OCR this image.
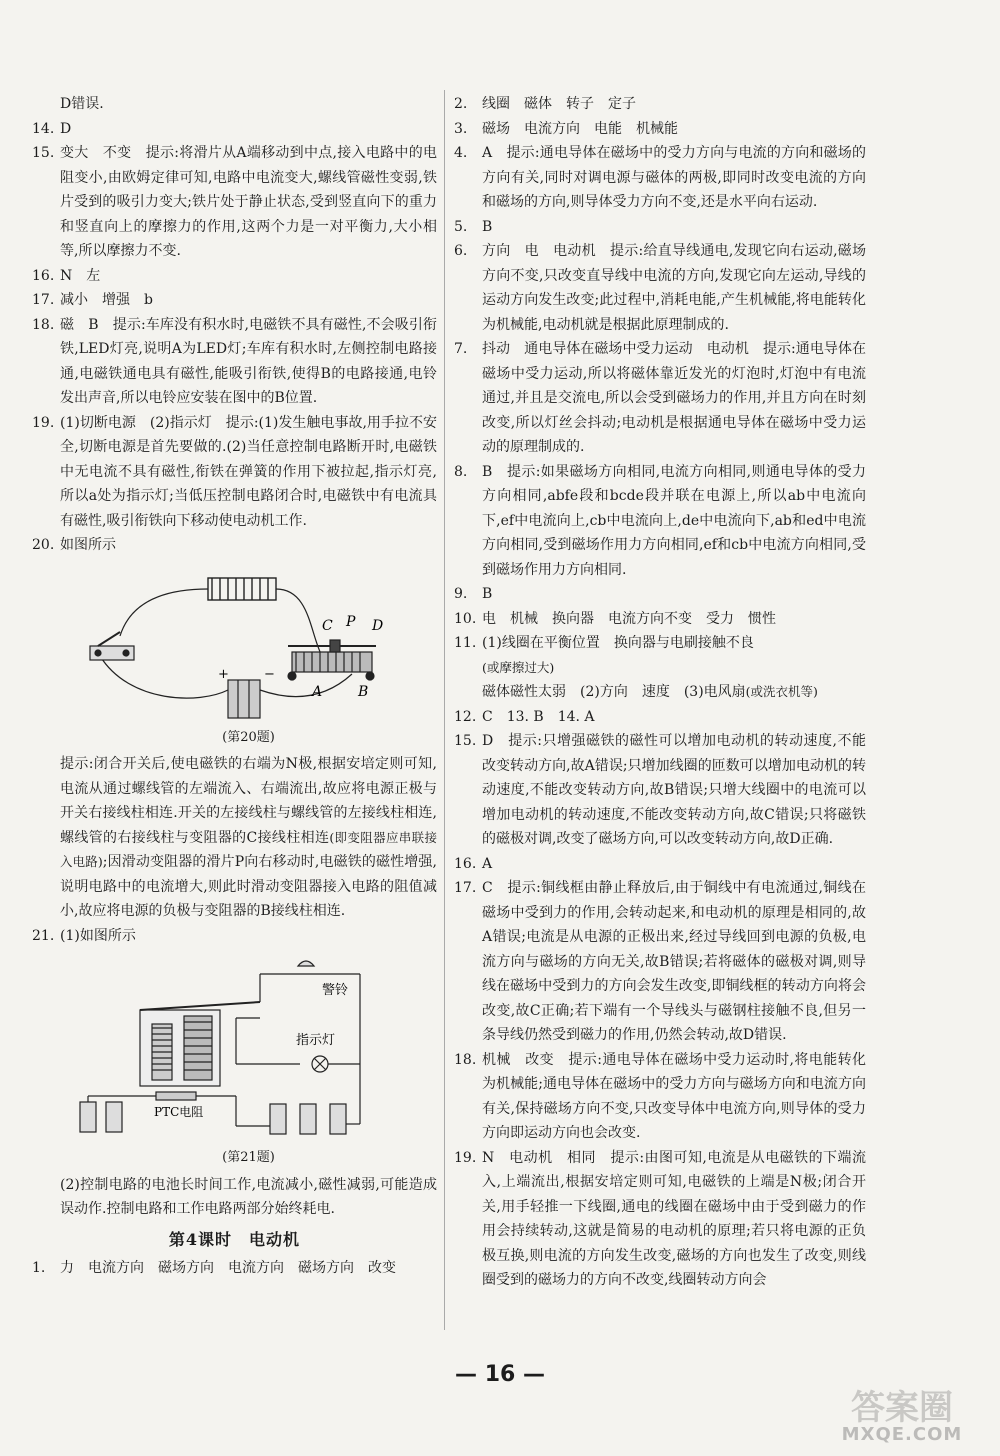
D错误.
14. D
15. 变大　不变　提示:将滑片从A端移动到中点,接入电路中的电阻变小,由欧姆定律可知,电路中电流变大,螺线管磁性变弱,铁片受到的吸引力变大;铁片处于静止状态,受到竖直向下的重力和竖直向上的摩擦力的作用,这两个力是一对平衡力,大小相等,所以摩擦力不变.
16. N　左
17. 减小　增强　b
18. 磁　B　提示:车库没有积水时,电磁铁不具有磁性,不会吸引衔铁,LED灯亮,说明A为LED灯;车库有积水时,左侧控制电路接通,电磁铁通电具有磁性,能吸引衔铁,使得B的电路接通,电铃发出声音,所以电铃应安装在图中的B位置.
19. (1)切断电源　(2)指示灯　提示:(1)发生触电事故,用手拉不安全,切断电源是首先要做的.(2)当任意控制电路断开时,电磁铁中无电流不具有磁性,衔铁在弹簧的作用下被拉起,指示灯亮,所以a处为指示灯;当低压控制电路闭合时,电磁铁中有电流具有磁性,吸引衔铁向下移动使电动机工作.
20. 如图所示
C P D
A	B
+	−
(第20题)
提示:闭合开关后,使电磁铁的右端为N极,根据安培定则可知,电流从通过螺线管的左端流入、右端流出,故应将电源正极与开关右接线柱相连.开关的左接线柱与螺线管的左接线柱相连,螺线管的右接线柱与变阻器的C接线柱相连(即变阻器应串联接入电路);因滑动变阻器的滑片P向右移动时,电磁铁的磁性增强,说明电路中的电流增大,则此时滑动变阻器接入电路的阻值减小,故应将电源的负极与变阻器的B接线柱相连.
21. (1)如图所示
警铃
指示灯
PTC电阻
(第21题)
(2)控制电路的电池长时间工作,电流减小,磁性减弱,可能造成误动作.控制电路和工作电路两部分始终耗电.
第4课时　电动机
1.	力　电流方向　磁场方向　电流方向　磁场方向　改变
2.	线圈　磁体　转子　定子
3.	磁场　电流方向　电能　机械能
4.	A　提示:通电导体在磁场中的受力方向与电流的方向和磁场的方向有关,同时对调电源与磁体的两极,即同时改变电流的方向和磁场的方向,则导体受力方向不变,还是水平向右运动.
5.	B
6.	方向　电　电动机　提示:给直导线通电,发现它向右运动,磁场方向不变,只改变直导线中电流的方向,发现它向左运动,导线的运动方向发生改变;此过程中,消耗电能,产生机械能,将电能转化为机械能,电动机就是根据此原理制成的.
7.	抖动　通电导体在磁场中受力运动　电动机　提示:通电导体在磁场中受力运动,所以将磁体靠近发光的灯泡时,灯泡中有电流通过,并且是交流电,所以会受到磁场力的作用,并且方向在时刻改变,所以灯丝会抖动;电动机是根据通电导体在磁场中受力运动的原理制成的.
8.	B　提示:如果磁场方向相同,电流方向相同,则通电导体的受力方向相同,abfe段和bcde段并联在电源上,所以ab中电流向下,ef中电流向上,cb中电流向上,de中电流向下,ab和ed中电流方向相同,受到磁场作用力方向相同,ef和cb中电流方向相同,受到磁场作用力方向相同.
9.	B
10. 电　机械　换向器　电流方向不变　受力　惯性
11. (1)线圈在平衡位置　换向器与电刷接触不良
(或摩擦过大)
磁体磁性太弱　(2)方向　速度　(3)电风扇(或洗衣机等)
12. C　13. B　14. A
15. D　提示:只增强磁铁的磁性可以增加电动机的转动速度,不能改变转动方向,故A错误;只增加线圈的匝数可以增加电动机的转动速度,不能改变转动方向,故B错误;只增大线圈中的电流可以增加电动机的转动速度,不能改变转动方向,故C错误;只将磁铁的磁极对调,改变了磁场方向,可以改变转动方向,故D正确.
16. A
17. C　提示:铜线框由静止释放后,由于铜线中有电流通过,铜线在磁场中受到力的作用,会转动起来,和电动机的原理是相同的,故A错误;电流是从电源的正极出来,经过导线回到电源的负极,电流方向与磁场的方向无关,故B错误;若将磁体的磁极对调,则导线在磁场中受到力的方向会发生改变,即铜线框的转动方向将会改变,故C正确;若下端有一个导线头与磁钢柱接触不良,但另一条导线仍然受到磁力的作用,仍然会转动,故D错误.
18. 机械　改变　提示:通电导体在磁场中受力运动时,将电能转化为机械能;通电导体在磁场中的受力方向与磁场方向和电流方向有关,保持磁场方向不变,只改变导体中电流方向,则导体的受力方向即运动方向也会改变.
19. N　电动机　相同　提示:由图可知,电流是从电磁铁的下端流入,上端流出,根据安培定则可知,电磁铁的上端是N极;闭合开关,用手轻推一下线圈,通电的线圈在磁场中由于受到磁力的作用会持续转动,这就是简易的电动机的原理;若只将电源的正负极互换,则电流的方向发生改变,磁场的方向也发生了改变,则线圈受到的磁场力的方向不改变,线圈转动方向会
— 16 —
答案圈
MXQE.COM
